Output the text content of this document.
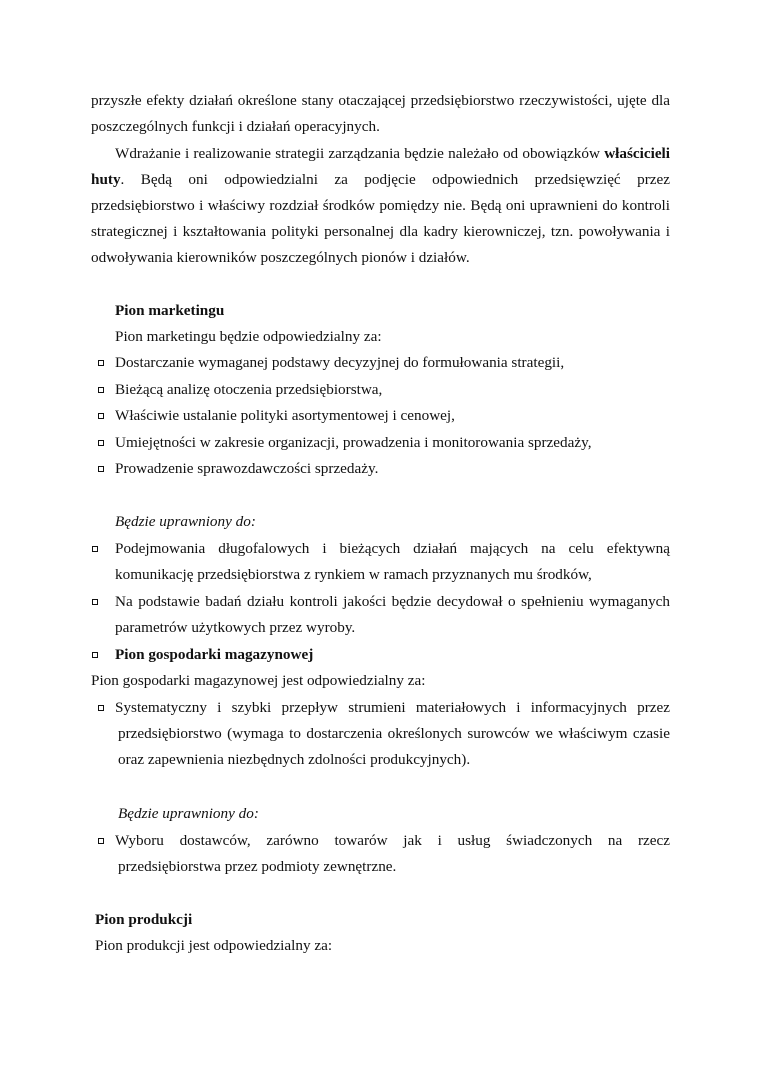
przyszłe efekty działań określone stany otaczającej przedsiębiorstwo rzeczywistości, ujęte dla
poszczególnych funkcji i działań operacyjnych.
Wdrażanie i realizowanie strategii zarządzania będzie należało od obowiązków właścicieli
huty. Będą oni odpowiedzialni za podjęcie odpowiednich przedsięwzięć przez
przedsiębiorstwo i właściwy rozdział środków pomiędzy nie. Będą oni uprawnieni do kontroli
strategicznej i kształtowania polityki personalnej dla kadry kierowniczej, tzn. powoływania i
odwoływania kierowników poszczególnych pionów i działów.
Pion marketingu
Pion marketingu będzie odpowiedzialny za:
Dostarczanie wymaganej podstawy decyzyjnej do formułowania strategii,
Bieżącą analizę otoczenia przedsiębiorstwa,
Właściwie ustalanie polityki asortymentowej i cenowej,
Umiejętności w zakresie organizacji, prowadzenia i monitorowania sprzedaży,
Prowadzenie sprawozdawczości sprzedaży.
Będzie uprawniony do:
Podejmowania długofalowych i bieżących działań mających na celu efektywną
komunikację przedsiębiorstwa z rynkiem w ramach przyznanych mu środków,
Na podstawie badań działu kontroli jakości będzie decydował o spełnieniu wymaganych
parametrów użytkowych przez wyroby.
Pion gospodarki magazynowej
Pion gospodarki magazynowej jest odpowiedzialny za:
Systematyczny i szybki przepływ strumieni materiałowych i informacyjnych przez
przedsiębiorstwo (wymaga to dostarczenia określonych surowców we właściwym czasie
oraz zapewnienia niezbędnych zdolności produkcyjnych).
Będzie uprawniony do:
Wyboru dostawców, zarówno towarów jak i usług świadczonych na rzecz
przedsiębiorstwa przez podmioty zewnętrzne.
Pion produkcji
Pion produkcji jest odpowiedzialny za:
